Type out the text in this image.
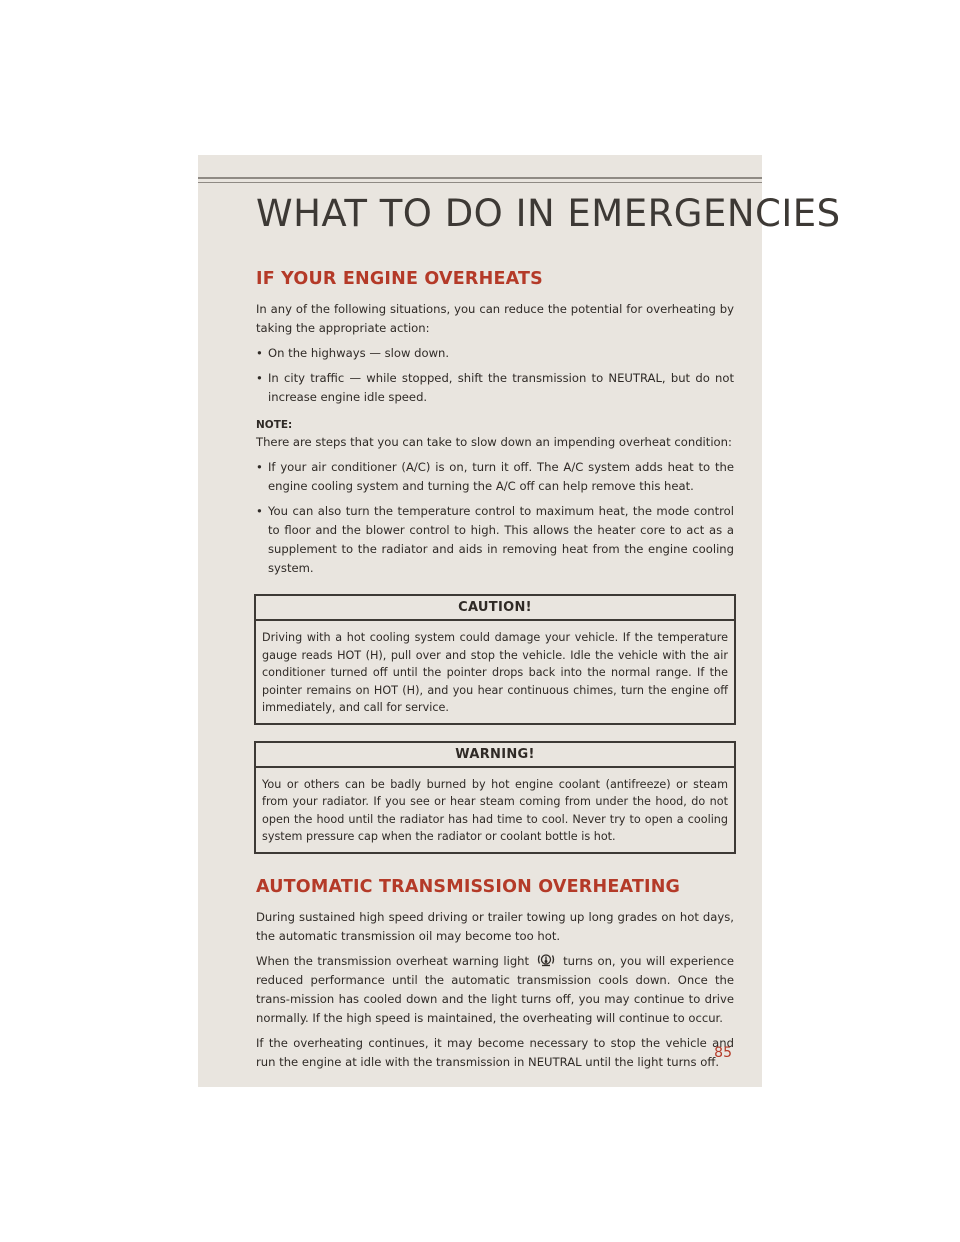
WHAT TO DO IN EMERGENCIES
IF YOUR ENGINE OVERHEATS

In any of the following situations, you can reduce the potential for overheating by taking the appropriate action:

• On the highways — slow down.
• In city traffic — while stopped, shift the transmission to NEUTRAL, but do not increase engine idle speed.
NOTE:

There are steps that you can take to slow down an impending overheat condition:

• If your air conditioner (A/C) is on, turn it off. The A/C system adds heat to the engine cooling system and turning the A/C off can help remove this heat.
• You can also turn the temperature control to maximum heat, the mode control to floor and the blower control to high. This allows the heater core to act as a supplement to the radiator and aids in removing heat from the engine cooling system.
CAUTION!
Driving with a hot cooling system could damage your vehicle. If the temperature gauge reads HOT (H), pull over and stop the vehicle. Idle the vehicle with the air conditioner turned off until the pointer drops back into the normal range. If the pointer remains on HOT (H), and you hear continuous chimes, turn the engine off immediately, and call for service.
WARNING!
You or others can be badly burned by hot engine coolant (antifreeze) or steam from your radiator. If you see or hear steam coming from under the hood, do not open the hood until the radiator has had time to cool. Never try to open a cooling system pressure cap when the radiator or coolant bottle is hot.
AUTOMATIC TRANSMISSION OVERHEATING

During sustained high speed driving or trailer towing up long grades on hot days, the automatic transmission oil may become too hot.

When the transmission overheat warning light	turns on, you will experience reduced performance until the automatic transmission cools down. Once the trans-mission has cooled down and the light turns off, you may continue to drive normally. If the high speed is maintained, the overheating will continue to occur.

If the overheating continues, it may become necessary to stop the vehicle and run the engine at idle with the transmission in NEUTRAL until the light turns off.

85
